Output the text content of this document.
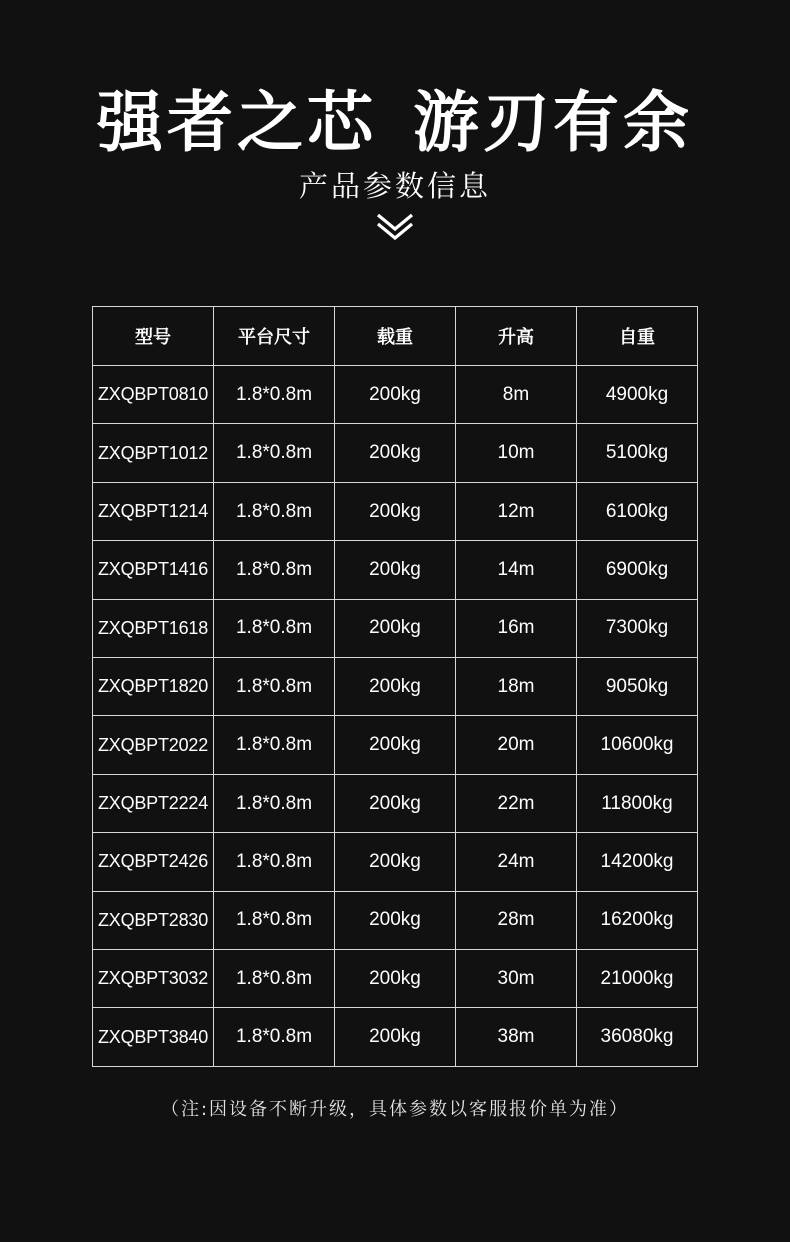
强者之芯 游刃有余
产品参数信息
型号	平台尺寸	载重	升高	自重
ZXQBPT0810	1.8*0.8m	200kg	8m	4900kg
ZXQBPT1012	1.8*0.8m	200kg	10m	5100kg
ZXQBPT1214	1.8*0.8m	200kg	12m	6100kg
ZXQBPT1416	1.8*0.8m	200kg	14m	6900kg
ZXQBPT1618	1.8*0.8m	200kg	16m	7300kg
ZXQBPT1820	1.8*0.8m	200kg	18m	9050kg
ZXQBPT2022	1.8*0.8m	200kg	20m	10600kg
ZXQBPT2224	1.8*0.8m	200kg	22m	11800kg
ZXQBPT2426	1.8*0.8m	200kg	24m	14200kg
ZXQBPT2830	1.8*0.8m	200kg	28m	16200kg
ZXQBPT3032	1.8*0.8m	200kg	30m	21000kg
ZXQBPT3840	1.8*0.8m	200kg	38m	36080kg
（注:因设备不断升级，具体参数以客服报价单为准）
